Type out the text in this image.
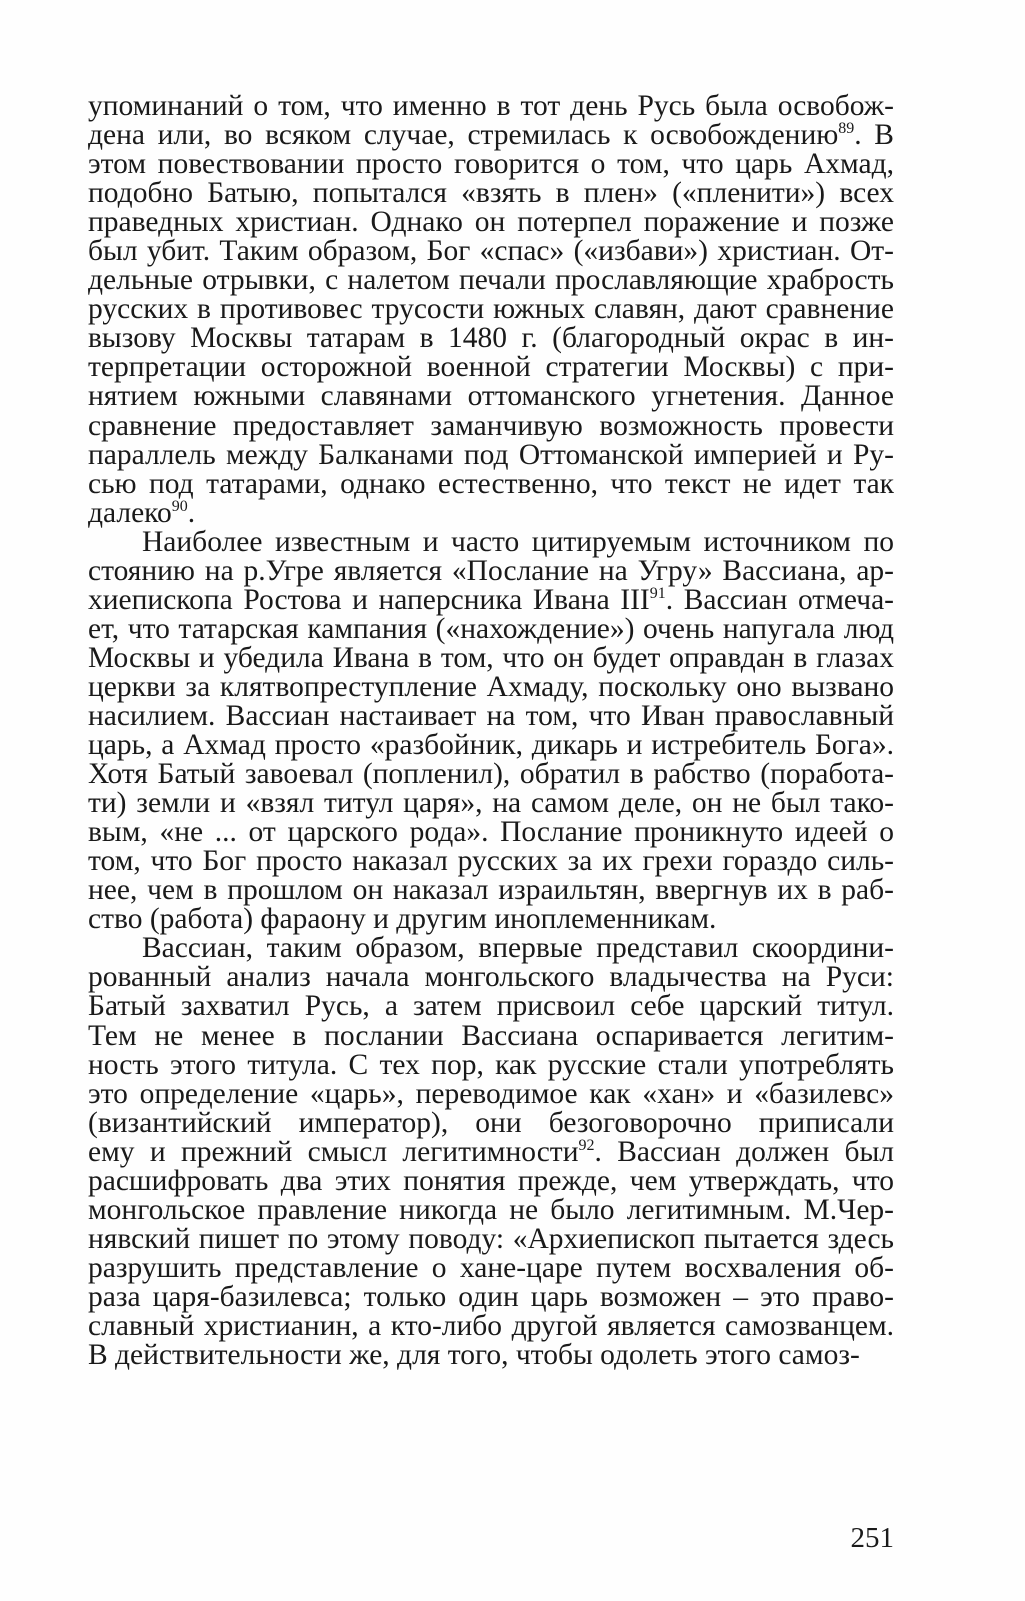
упоминаний о том, что именно в тот день Русь была освобож-
дена или, во всяком случае, стремилась к освобождению$^{89}$. В
этом повествовании просто говорится о том, что царь Ахмад,
подобно Батыю, попытался «взять в плен» («пленити») всех
праведных христиан. Однако он потерпел поражение и позже
был убит. Таким образом, Бог «спас» («избави») христиан. От-
дельные отрывки, с налетом печали прославляющие храбрость
русских в противовес трусости южных славян, дают сравнение
вызову Москвы татарам в 1480 г. (благородный окрас в ин-
терпретации осторожной военной стратегии Москвы) с при-
нятием южными славянами оттоманского угнетения. Данное
сравнение предоставляет заманчивую возможность провести
параллель между Балканами под Оттоманской империей и Ру-
сью под татарами, однако естественно, что текст не идет так
далеко$^{90}$.
Наиболее известным и часто цитируемым источником по
стоянию на р.Угре является «Послание на Угру» Вассиана, ар-
хиепископа Ростова и наперсника Ивана III$^{91}$. Вассиан отмеча-
ет, что татарская кампания («нахождение») очень напугала люд
Москвы и убедила Ивана в том, что он будет оправдан в глазах
церкви за клятвопреступление Ахмаду, поскольку оно вызвано
насилием. Вассиан настаивает на том, что Иван православный
царь, а Ахмад просто «разбойник, дикарь и истребитель Бога».
Хотя Батый завоевал (попленил), обратил в рабство (поработа-
ти) земли и «взял титул царя», на самом деле, он не был тако-
вым, «не ... от царского рода». Послание проникнуто идеей о
том, что Бог просто наказал русских за их грехи гораздо силь-
нее, чем в прошлом он наказал израильтян, ввергнув их в раб-
ство (работа) фараону и другим иноплеменникам.
Вассиан, таким образом, впервые представил скоордини-
рованный анализ начала монгольского владычества на Руси:
Батый захватил Русь, а затем присвоил себе царский титул.
Тем не менее в послании Вассиана оспаривается легитим-
ность этого титула. С тех пор, как русские стали употреблять
это определение «царь», переводимое как «хан» и «базилевс»
(византийский император), они безоговорочно приписали
ему и прежний смысл легитимности$^{92}$. Вассиан должен был
расшифровать два этих понятия прежде, чем утверждать, что
монгольское правление никогда не было легитимным. М.Чер-
нявский пишет по этому поводу: «Архиепископ пытается здесь
разрушить представление о хане-царе путем восхваления об-
раза царя-базилевса; только один царь возможен – это право-
славный христианин, а кто-либо другой является самозванцем.
В действительности же, для того, чтобы одолеть этого самоз-
251
